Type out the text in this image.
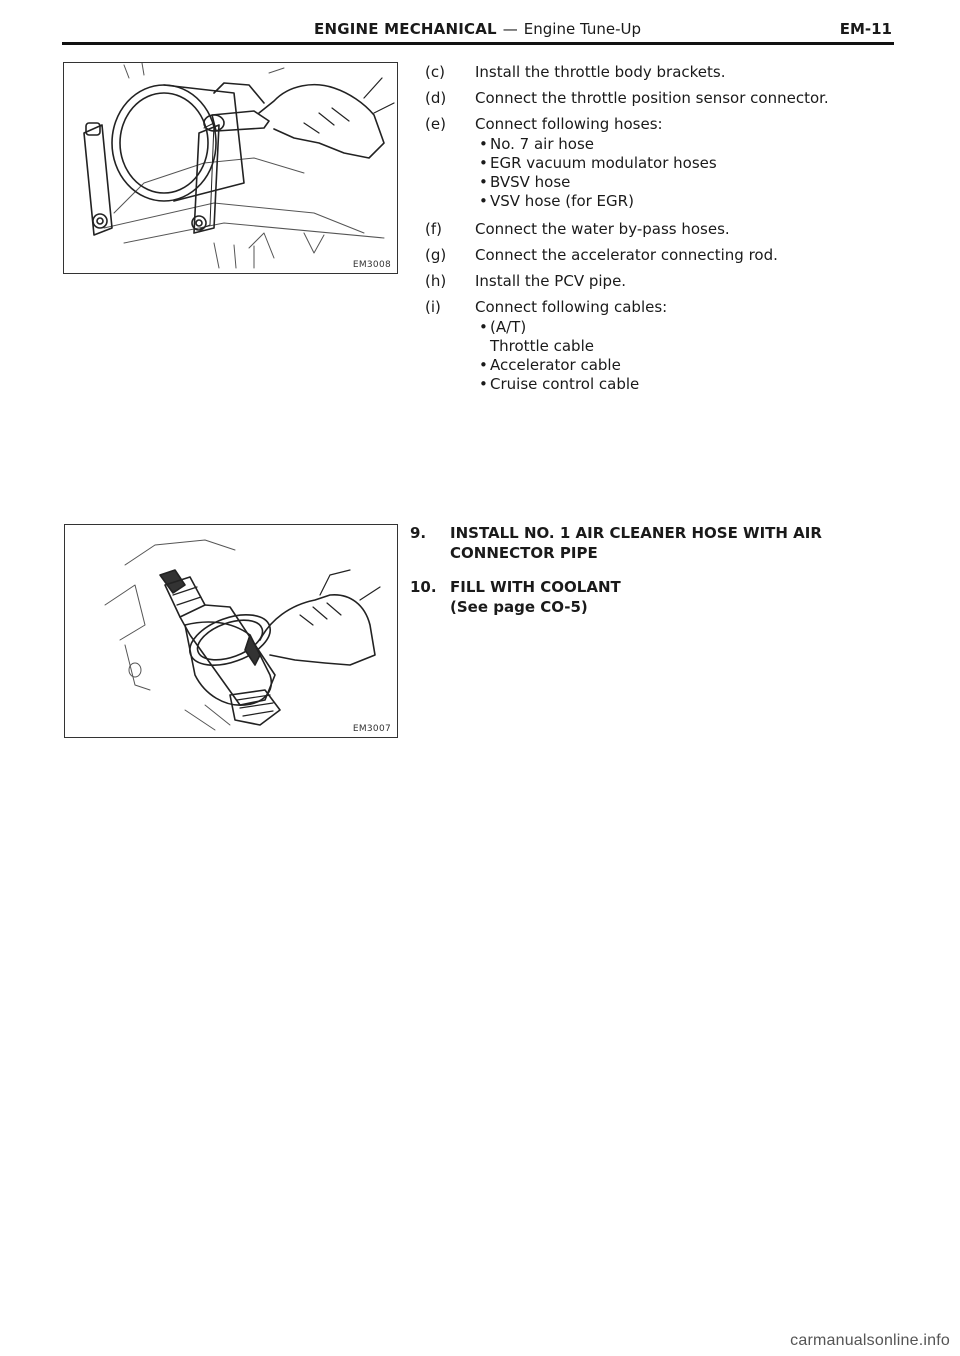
ENGINE MECHANICAL — Engine Tune-Up	EM-11
EM3008
(c)	Install the throttle body brackets.
(d)	Connect the throttle position sensor connector.
(e)	Connect following hoses:
• No. 7 air hose
• EGR vacuum modulator hoses
• BVSV hose
• VSV hose (for EGR)
(f)	Connect the water by-pass hoses.
(g)	Connect the accelerator connecting rod.
(h)	Install the PCV pipe.
(i)	Connect following cables:
• (A/T)
Throttle cable
• Accelerator cable
• Cruise control cable
EM3007
9.	INSTALL NO. 1 AIR CLEANER HOSE WITH AIR
CONNECTOR PIPE
10. FILL WITH COOLANT
(See page CO-5)
carmanualsonline.info
